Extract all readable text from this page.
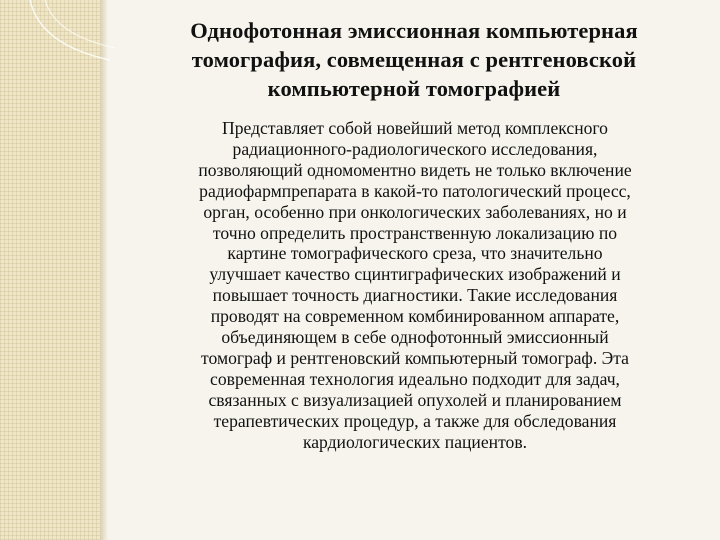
Однофотонная эмиссионная компьютерная
томография, совмещенная с рентгеновской
компьютерной томографией
Представляет собой новейший метод комплексного
радиационного-радиологического исследования,
позволяющий одномоментно видеть не только включение
радиофармпрепарата в какой-то патологический процесс,
орган, особенно при онкологических заболеваниях, но и
точно определить пространственную локализацию по
картине томографического среза, что значительно
улучшает качество сцинтиграфических изображений и
повышает точность диагностики. Такие исследования
проводят на современном комбинированном аппарате,
объединяющем в себе однофотонный эмиссионный
томограф и рентгеновский компьютерный томограф. Эта
современная технология идеально подходит для задач,
связанных с визуализацией опухолей и планированием
терапевтических процедур, а также для обследования
кардиологических пациентов.
